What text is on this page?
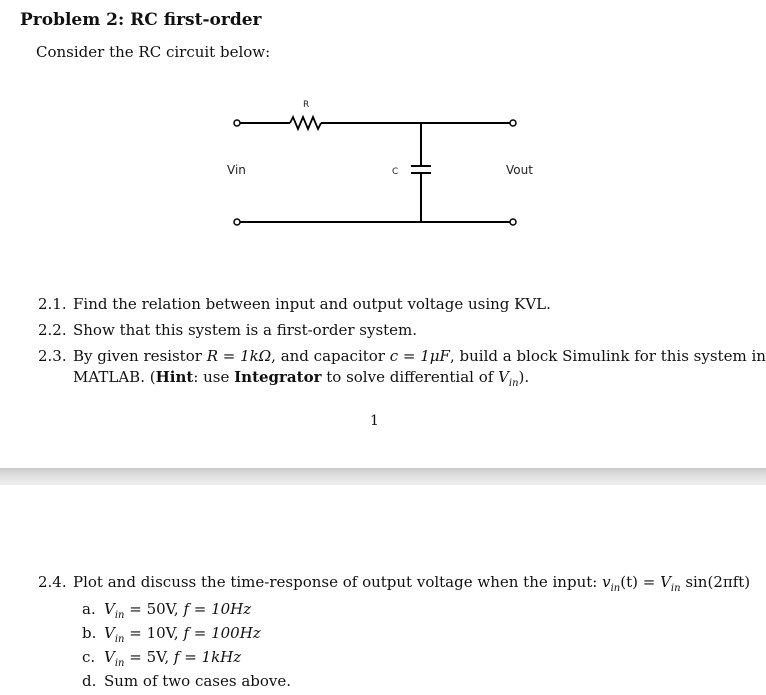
Problem 2: RC first-order
Consider the RC circuit below:
R
C
Vin	Vout
2.1. Find the relation between input and output voltage using KVL.
2.2. Show that this system is a first-order system.
2.3. By given resistor R = 1kΩ, and capacitor c = 1μF, build a block Simulink for this system in
MATLAB. (Hint: use Integrator to solve differential of $V_{in}$).
1
2.4. Plot and discuss the time-response of output voltage when the input: $v_{in}(t) = V_{in}$ sin(2πft)
a. $V_{in} = 50V$, f = 10Hz
b. $V_{in} = 10V$, f = 100Hz
c. $V_{in} = 5V$, f = 1kHz
d. Sum of two cases above.
